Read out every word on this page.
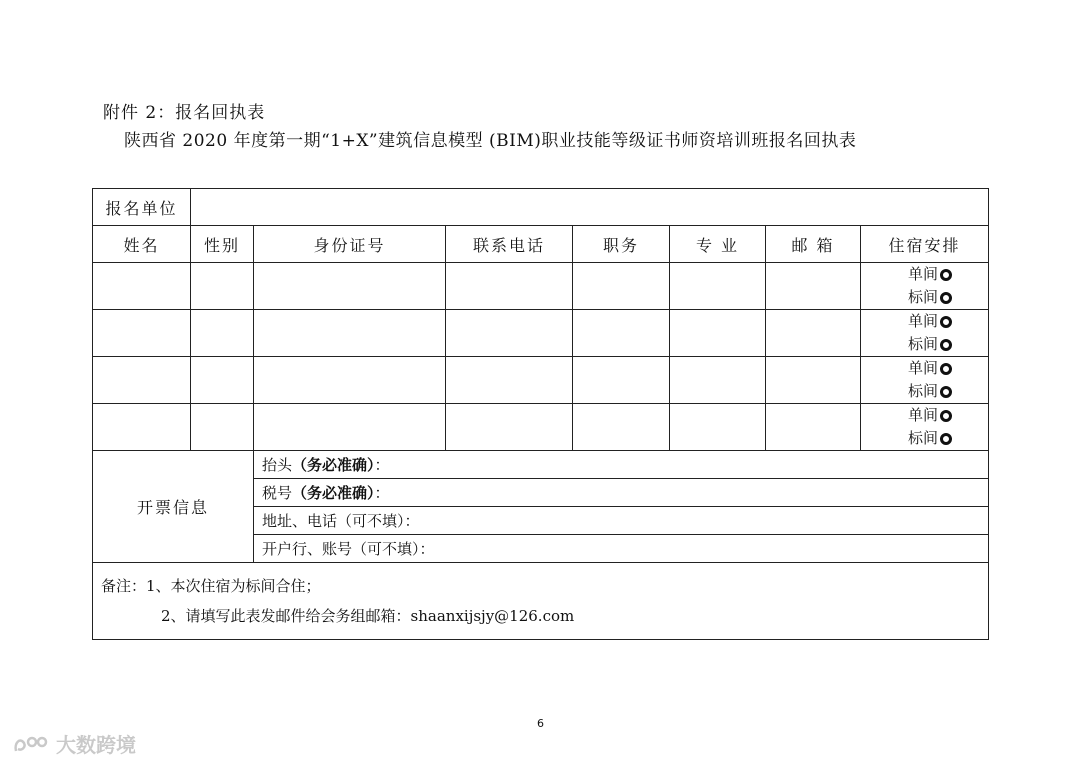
附件 2：报名回执表
陕西省 2020 年度第一期“1+X”建筑信息模型 (BIM)职业技能等级证书师资培训班报名回执表
报名单位							
姓名	性别	身份证号	联系电话	职务	专 业	邮 箱	住宿安排

							单间
标间

							单间
标间

							单间
标间

							单间
标间

开票信息		抬头（务必准确）：					
		税号（务必准确）：					
		地址、电话（可不填）：					
		开户行、账号（可不填）：					

备注：1、本次住宿为标间合住；
2、请填写此表发邮件给会务组邮箱：shaanxijsjy@126.com							
6
大数跨境
